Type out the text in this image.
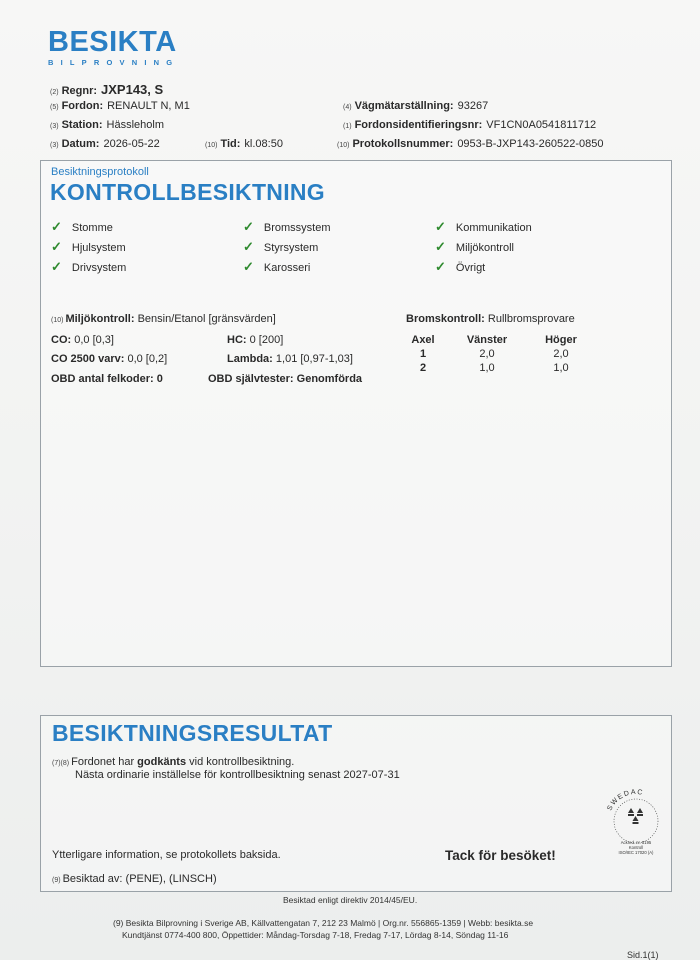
BESIKTA
BILPROVNING
(2) Regnr: JXP143, S
(5) Fordon: RENAULT N, M1
(3) Station: Hässleholm
(3) Datum: 2026-05-22	(10) Tid: kl.08:50
(4) Vägmätarställning: 93267
(1) Fordonsidentifieringsnr: VF1CN0A0541811712
(10) Protokollsnummer: 0953-B-JXP143-260522-0850
Besiktningsprotokoll
KONTROLLBESIKTNING
✓ Stomme
✓ Hjulsystem
✓ Drivsystem
✓ Bromssystem
✓ Styrsystem
✓ Karosseri
✓ Kommunikation
✓ Miljökontroll
✓ Övrigt
(10) Miljökontroll: Bensin/Etanol [gränsvärden]
CO: 0,0 [0,3]	HC: 0 [200]
CO 2500 varv: 0,0 [0,2]	Lambda: 1,01 [0,97-1,03]
OBD antal felkoder: 0	OBD självtester: Genomförda
Bromskontroll: Rullbromsprovare
Axel	Vänster	Höger
1	2,0	2,0
2	1,0	1,0
BESIKTNINGSRESULTAT
(7)(8) Fordonet har godkänts vid kontrollbesiktning.
Nästa ordinarie inställelse för kontrollbesiktning senast 2027-07-31
Ytterligare information, se protokollets baksida.	Tack för besöket!
(9) Besiktad av: (PENE), (LINSCH)
SWEDAC
Ackred. nr. 5195
Kontroll
ISO/IEC 17020 (A)
Besiktad enligt direktiv 2014/45/EU.
(9) Besikta Bilprovning i Sverige AB, Källvattengatan 7, 212 23 Malmö | Org.nr. 556865-1359 | Webb: besikta.se
Kundtjänst 0774-400 800, Öppettider: Måndag-Torsdag 7-18, Fredag 7-17, Lördag 8-14, Söndag 11-16
Sid.1(1)
